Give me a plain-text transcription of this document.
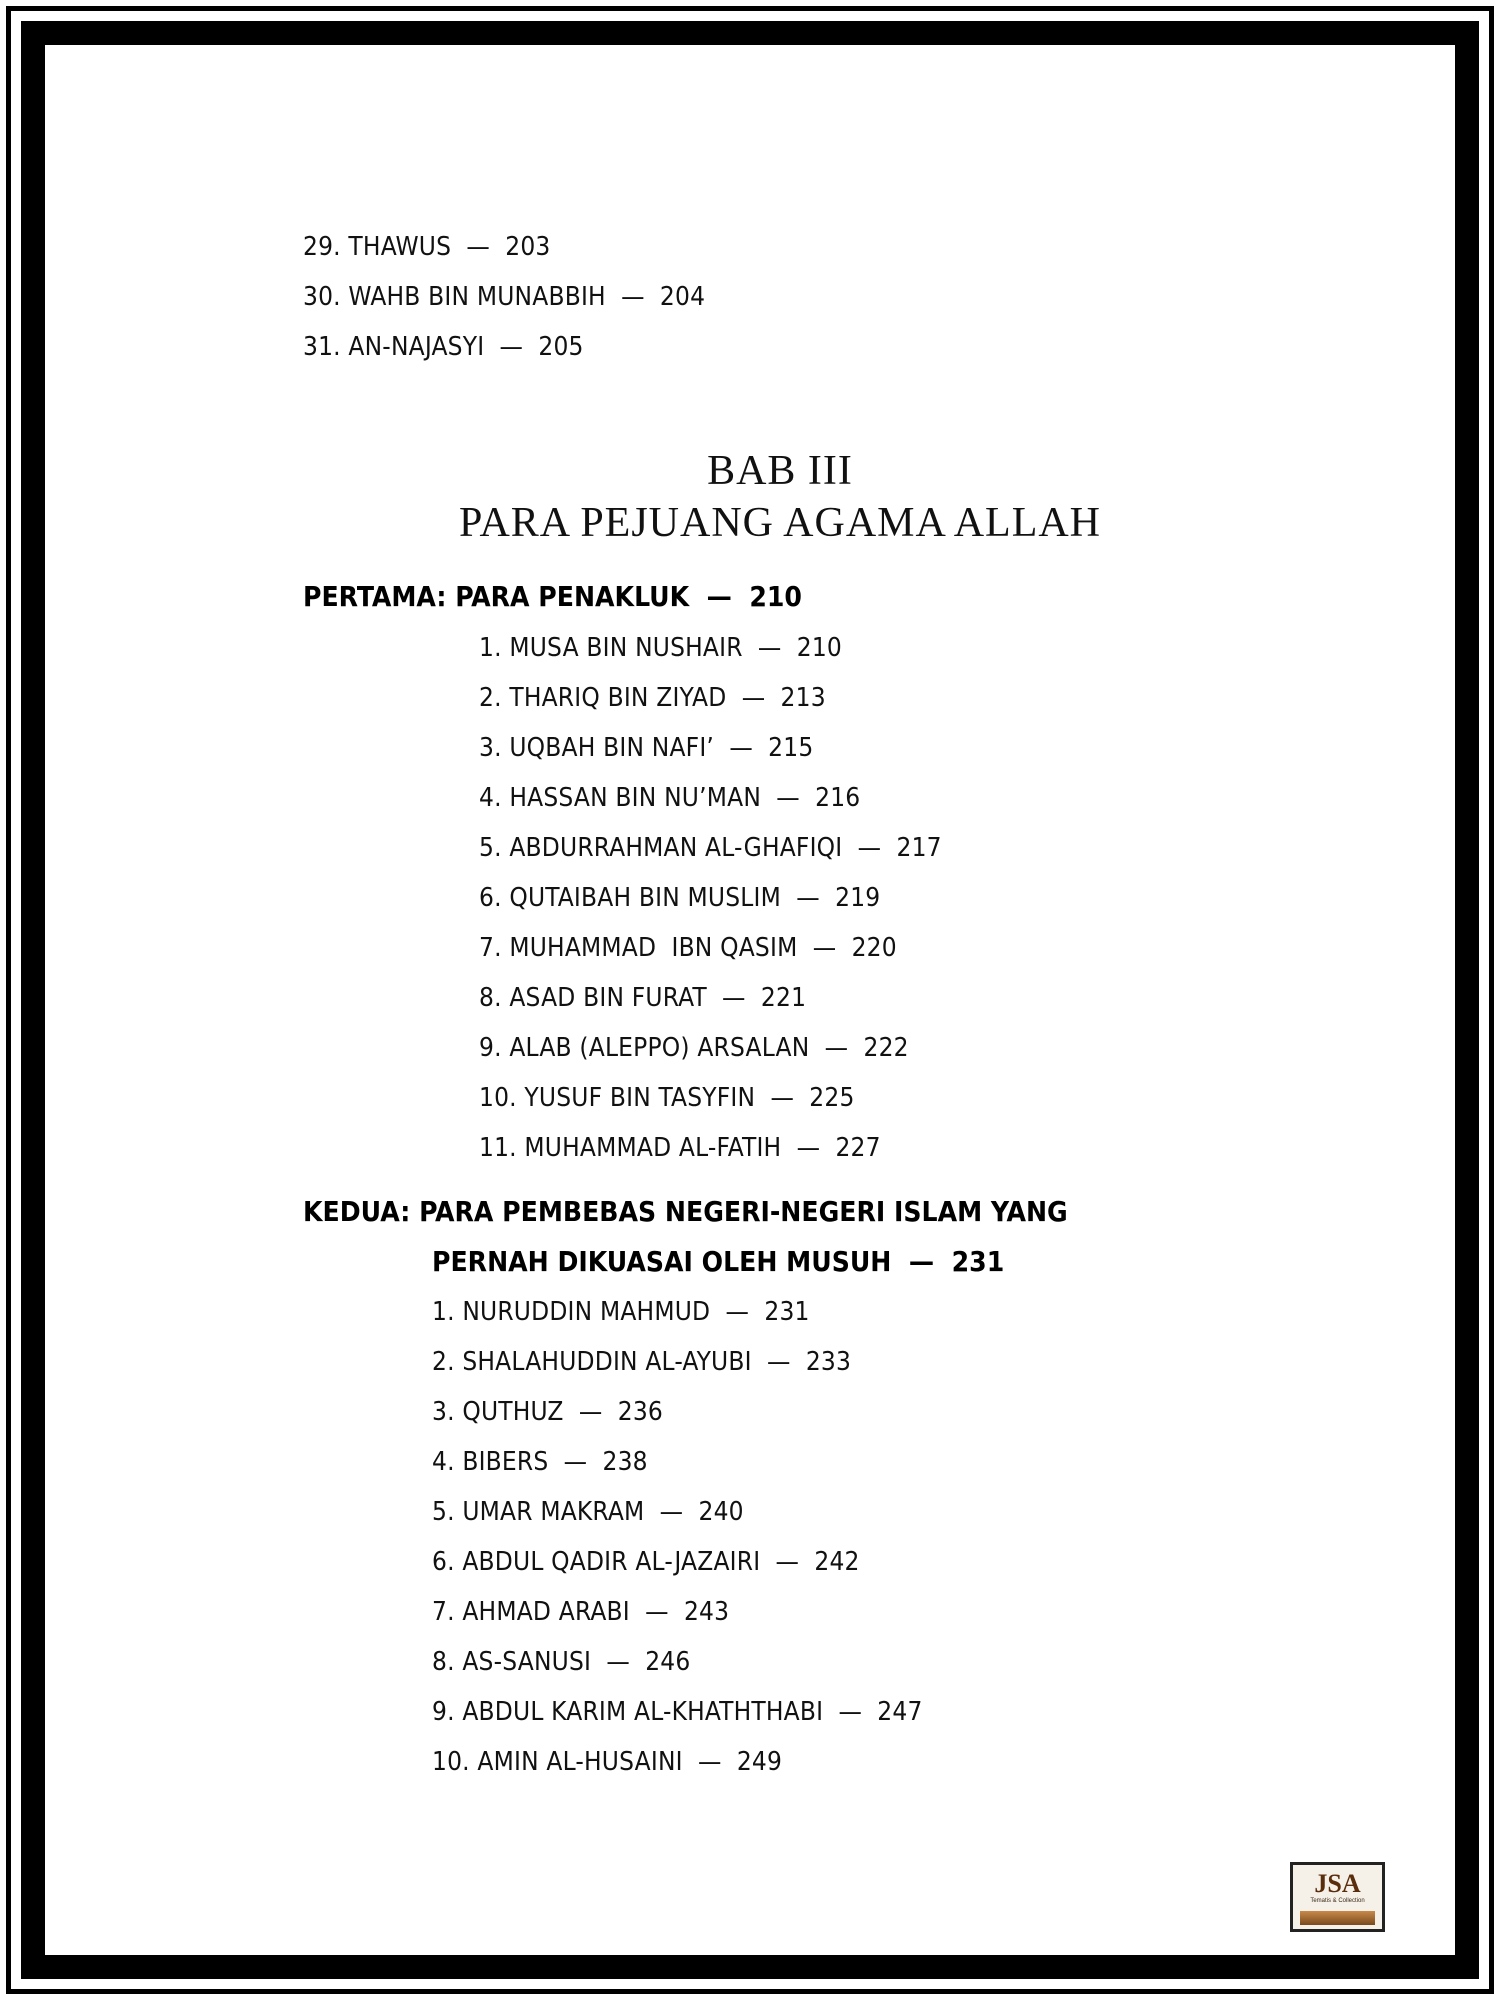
29. THAWUS  —  203
30. WAHB BIN MUNABBIH  —  204
31. AN-NAJASYI  —  205
BAB III
PARA PEJUANG AGAMA ALLAH
PERTAMA: PARA PENAKLUK  —  210
1. MUSA BIN NUSHAIR  —  210
2. THARIQ BIN ZIYAD  —  213
3. UQBAH BIN NAFI’  —  215
4. HASSAN BIN NU’MAN  —  216
5. ABDURRAHMAN AL-GHAFIQI  —  217
6. QUTAIBAH BIN MUSLIM  —  219
7. MUHAMMAD  IBN QASIM  —  220
8. ASAD BIN FURAT  —  221
9. ALAB (ALEPPO) ARSALAN  —  222
10. YUSUF BIN TASYFIN  —  225
11. MUHAMMAD AL-FATIH  —  227
KEDUA: PARA PEMBEBAS NEGERI-NEGERI ISLAM YANG
PERNAH DIKUASAI OLEH MUSUH  —  231
1. NURUDDIN MAHMUD  —  231
2. SHALAHUDDIN AL-AYUBI  —  233
3. QUTHUZ  —  236
4. BIBERS  —  238
5. UMAR MAKRAM  —  240
6. ABDUL QADIR AL-JAZAIRI  —  242
7. AHMAD ARABI  —  243
8. AS-SANUSI  —  246
9. ABDUL KARIM AL-KHATHTHABI  —  247
10. AMIN AL-HUSAINI  —  249
JSA
Tematis & Collection
